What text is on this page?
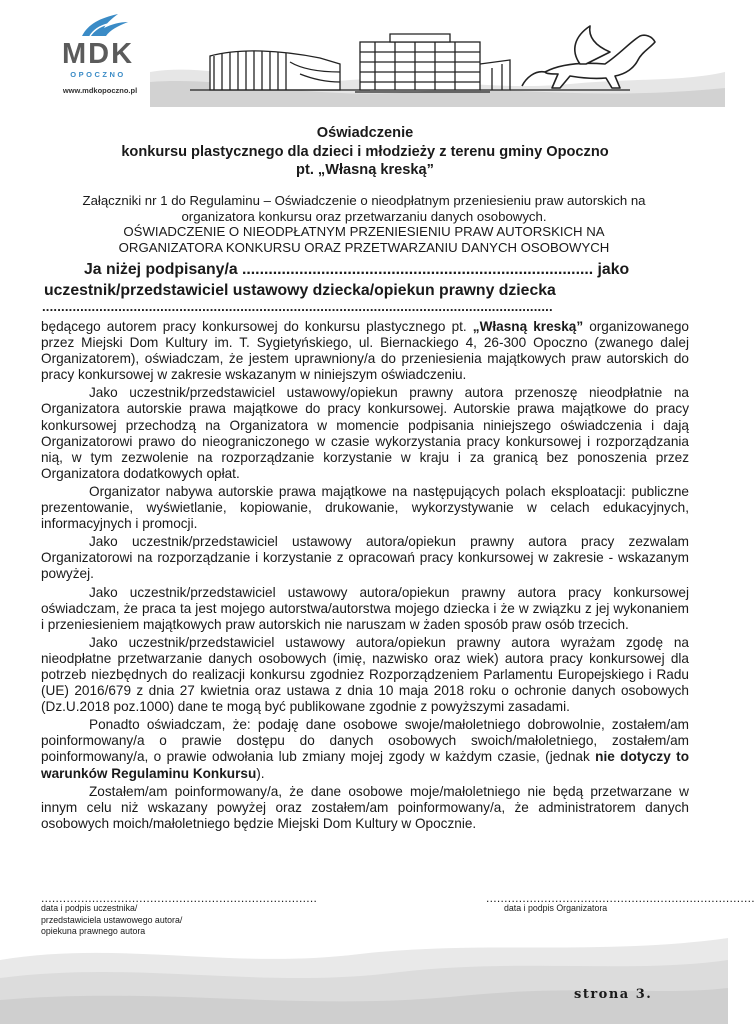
MDK
OPOCZNO
www.mdkopoczno.pl
Oświadczenie
konkursu plastycznego dla dzieci i młodzieży z terenu gminy Opoczno
pt. „Własną kreską”
Załączniki nr 1 do Regulaminu – Oświadczenie o nieodpłatnym przeniesieniu praw autorskich na
organizatora konkursu oraz przetwarzaniu danych osobowych.
OŚWIADCZENIE O NIEODPŁATNYM PRZENIESIENIU PRAW AUTORSKICH NA
ORGANIZATORA KONKURSU ORAZ PRZETWARZANIU DANYCH OSOBOWYCH
Ja niżej podpisany/a ................................................................................ jako
uczestnik/przedstawiciel ustawowy dziecka/opiekun prawny dziecka
......................................................................................................................................

będącego autorem pracy konkursowej do konkursu plastycznego pt. „Własną kreską” organizowanego przez Miejski Dom Kultury im. T. Sygietyńskiego, ul. Biernackiego 4, 26-300 Opoczno (zwanego dalej Organizatorem), oświadczam, że jestem uprawniony/a do przeniesienia majątkowych praw autorskich do pracy konkursowej w zakresie wskazanym w niniejszym oświadczeniu.

Jako uczestnik/przedstawiciel ustawowy/opiekun prawny autora przenoszę nieodpłatnie na Organizatora autorskie prawa majątkowe do pracy konkursowej. Autorskie prawa majątkowe do pracy konkursowej przechodzą na Organizatora w momencie podpisania niniejszego oświadczenia i dają Organizatorowi prawo do nieograniczonego w czasie wykorzystania pracy konkursowej i rozporządzania nią, w tym zezwolenie na rozporządzanie korzystanie w kraju i za granicą bez ponoszenia przez Organizatora dodatkowych opłat.

Organizator nabywa autorskie prawa majątkowe na następujących polach eksploatacji: publiczne prezentowanie, wyświetlanie, kopiowanie, drukowanie, wykorzystywanie w celach edukacyjnych, informacyjnych i promocji.

Jako uczestnik/przedstawiciel ustawowy autora/opiekun prawny autora pracy zezwalam Organizatorowi na rozporządzanie i korzystanie z opracowań pracy konkursowej w zakresie - wskazanym powyżej.

Jako uczestnik/przedstawiciel ustawowy autora/opiekun prawny autora pracy konkursowej oświadczam, że praca ta jest mojego autorstwa/autorstwa mojego dziecka i że w związku z jej wykonaniem i przeniesieniem majątkowych praw autorskich nie naruszam w żaden sposób praw osób trzecich.

Jako uczestnik/przedstawiciel ustawowy autora/opiekun prawny autora wyrażam zgodę na nieodpłatne przetwarzanie danych osobowych (imię, nazwisko oraz wiek) autora pracy konkursowej dla potrzeb niezbędnych do realizacji konkursu zgodniez Rozporządzeniem Parlamentu Europejskiego i Radu (UE) 2016/679 z dnia 27 kwietnia oraz ustawa z dnia 10 maja 2018 roku o ochronie danych osobowych (Dz.U.2018 poz.1000) dane te mogą być publikowane zgodnie z powyższymi zasadami.

Ponadto oświadczam, że: podaję dane osobowe swoje/małoletniego dobrowolnie, zostałem/am poinformowany/a o prawie dostępu do danych osobowych swoich/małoletniego, zostałem/am poinformowany/a, o prawie odwołania lub zmiany mojej zgody w każdym czasie, (jednak nie dotyczy to warunków Regulaminu Konkursu).

Zostałem/am poinformowany/a, że dane osobowe moje/małoletniego nie będą przetwarzane w innym celu niż wskazany powyżej oraz zostałem/am poinformowany/a, że administratorem danych osobowych moich/małoletniego będzie Miejski Dom Kultury w Opocznie.

............................................................................
data i podpis uczestnika/
przedstawiciela ustawowego autora/
opiekuna prawnego autora
..........................................................................
data i podpis Organizatora
strona 3.
